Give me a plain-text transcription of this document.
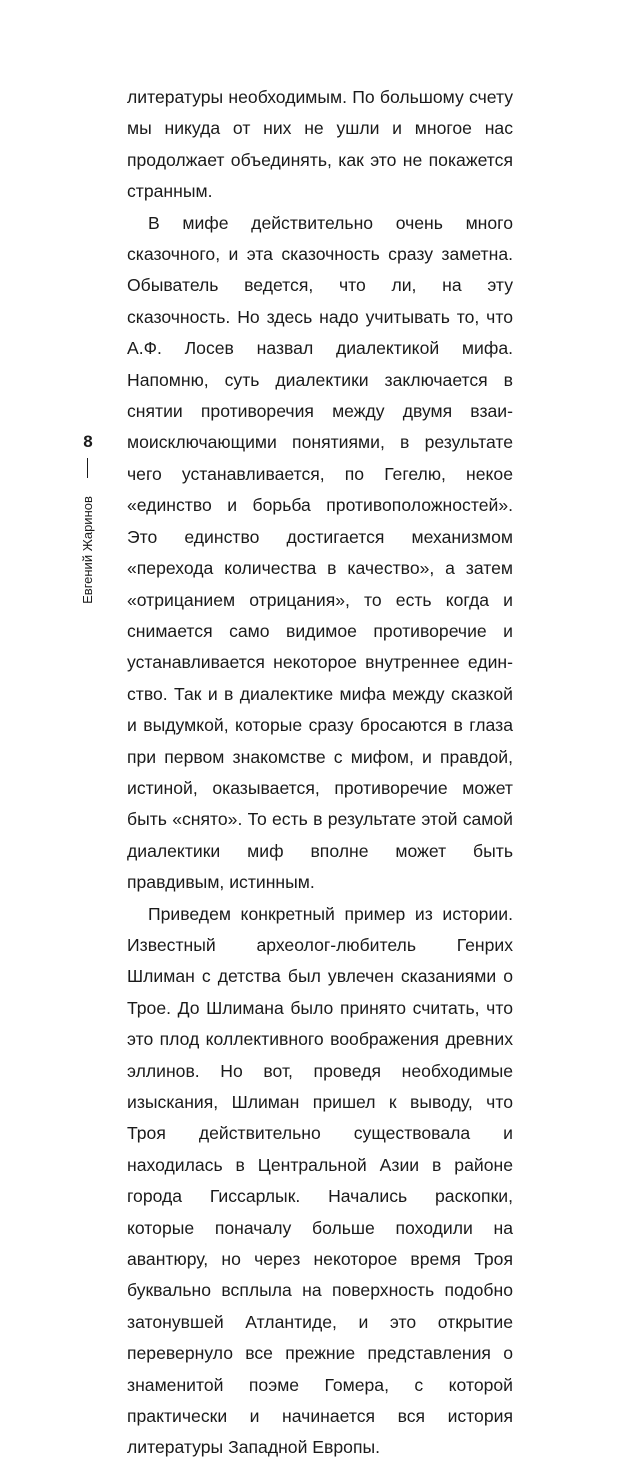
8
Евгений Жаринов

литературы необходимым. По большому счету мы никуда от них не ушли и многое нас продолжает объединять, как это не покажется странным.

В мифе действительно очень много сказочного, и эта сказочность сразу заметна. Обыватель ведется, что ли, на эту сказочность. Но здесь надо учитывать то, что А.Ф. Лосев назвал диалектикой мифа. Напомню, суть диалектики заключается в снятии противоречия между двумя взаимоисключающими понятиями, в результате чего устанавливается, по Гегелю, некое «единство и борьба противоположностей». Это единство достигается механизмом «перехода количества в качество», а затем «отрицанием отрицания», то есть когда и снимается само видимое противоречие и устанавливается некоторое внутреннее единство. Так и в диалектике мифа между сказкой и выдумкой, которые сразу бросаются в глаза при первом знакомстве с мифом, и правдой, истиной, оказывается, противоречие может быть «снято». То есть в результате этой самой диалектики миф вполне может быть правдивым, истинным.

Приведем конкретный пример из истории. Известный археолог-любитель Генрих Шлиман с детства был увлечен сказаниями о Трое. До Шлимана было принято считать, что это плод коллективного воображения древних эллинов. Но вот, проведя необходимые изыскания, Шлиман пришел к выводу, что Троя действительно существовала и находилась в Центральной Азии в районе города Гиссарлык. Начались раскопки, которые поначалу больше походили на авантюру, но через некоторое время Троя буквально всплыла на поверхность подобно затонувшей Атлантиде, и это открытие перевернуло все прежние представления о знаменитой поэме Гомера, с которой практически и начинается вся история литературы Западной Европы.
